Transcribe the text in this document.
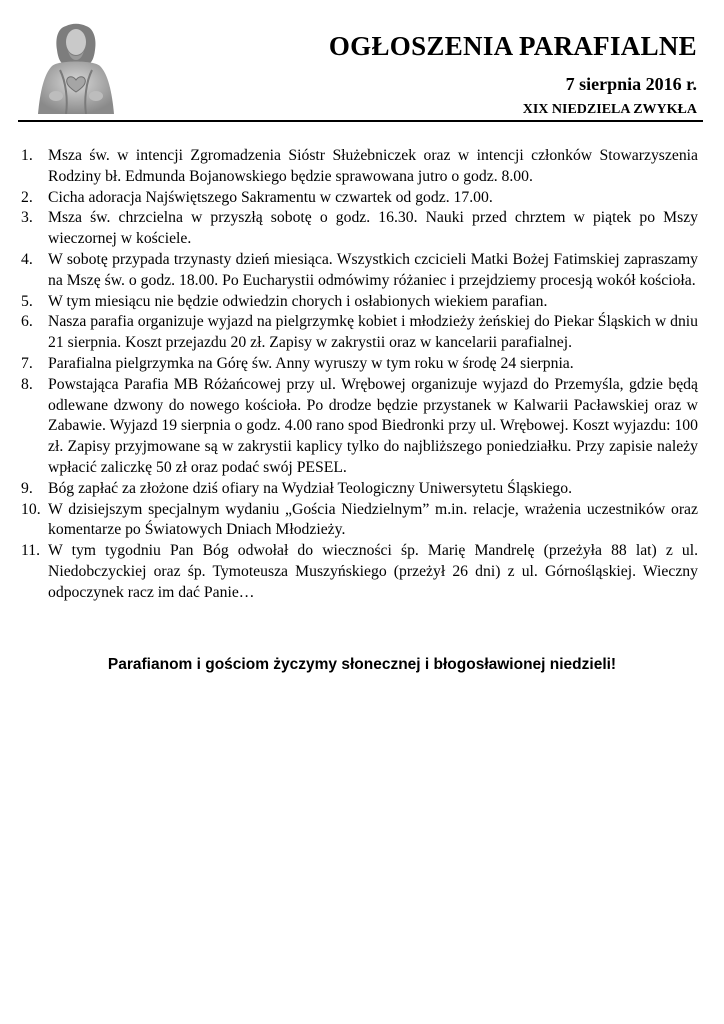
OGŁOSZENIA PARAFIALNE
7 sierpnia 2016 r.
XIX NIEDZIELA ZWYKŁA
1. Msza św. w intencji Zgromadzenia Sióstr Służebniczek oraz w intencji członków Stowarzyszenia Rodziny bł. Edmunda Bojanowskiego będzie sprawowana jutro o godz. 8.00.
2. Cicha adoracja Najświętszego Sakramentu w czwartek od godz. 17.00.
3. Msza św. chrzcielna w przyszłą sobotę o godz. 16.30. Nauki przed chrztem w piątek po Mszy wieczornej w kościele.
4. W sobotę przypada trzynasty dzień miesiąca. Wszystkich czcicieli Matki Bożej Fatimskiej zapraszamy na Mszę św. o godz. 18.00. Po Eucharystii odmówimy różaniec i przejdziemy procesją wokół kościoła.
5. W tym miesiącu nie będzie odwiedzin chorych i osłabionych wiekiem parafian.
6. Nasza parafia organizuje wyjazd na pielgrzymkę kobiet i młodzieży żeńskiej do Piekar Śląskich w dniu 21 sierpnia. Koszt przejazdu 20 zł. Zapisy w zakrystii oraz w kancelarii parafialnej.
7. Parafialna pielgrzymka na Górę św. Anny wyruszy w tym roku w środę 24 sierpnia.
8. Powstająca Parafia MB Różańcowej przy ul. Wrębowej organizuje wyjazd do Przemyśla, gdzie będą odlewane dzwony do nowego kościoła. Po drodze będzie przystanek w Kalwarii Pacławskiej oraz w Zabawie. Wyjazd 19 sierpnia o godz. 4.00 rano spod Biedronki przy ul. Wrębowej. Koszt wyjazdu: 100 zł. Zapisy przyjmowane są w zakrystii kaplicy tylko do najbliższego poniedziałku. Przy zapisie należy wpłacić zaliczkę 50 zł oraz podać swój PESEL.
9. Bóg zapłać za złożone dziś ofiary na Wydział Teologiczny Uniwersytetu Śląskiego.
10. W dzisiejszym specjalnym wydaniu „Gościa Niedzielnym” m.in. relacje, wrażenia uczestników oraz komentarze po Światowych Dniach Młodzieży.
11. W tym tygodniu Pan Bóg odwołał do wieczności śp. Marię Mandrelę (przeżyła 88 lat) z ul. Niedobczyckiej oraz śp. Tymoteusza Muszyńskiego (przeżył 26 dni) z ul. Górnośląskiej. Wieczny odpoczynek racz im dać Panie…
Parafianom i gościom życzymy słonecznej i błogosławionej niedzieli!
